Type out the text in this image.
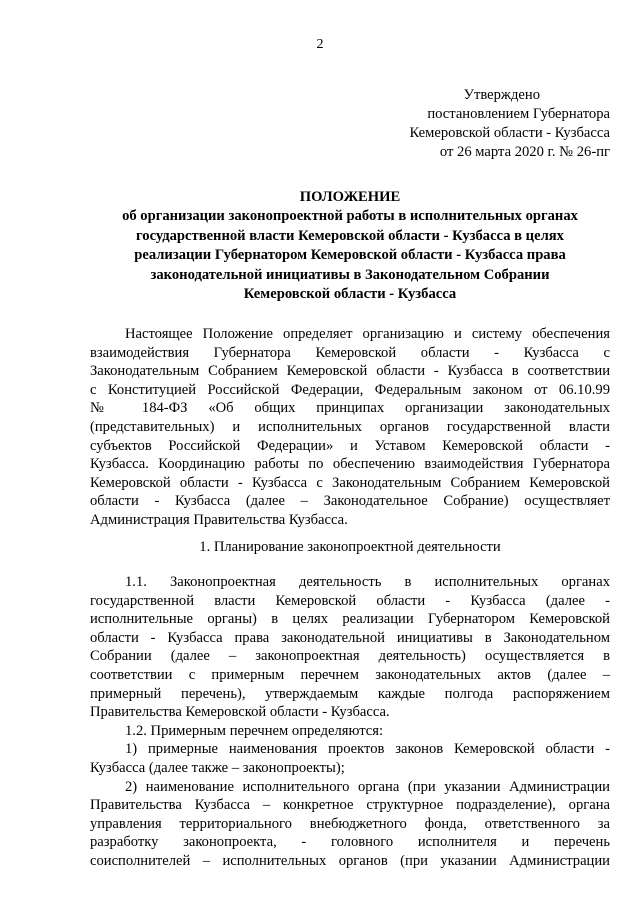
2
Утверждено
постановлением Губернатора
Кемеровской области - Кузбасса
от 26 марта 2020 г. № 26-пг
ПОЛОЖЕНИЕ
об организации законопроектной работы в исполнительных органах
государственной власти Кемеровской области - Кузбасса в целях
реализации Губернатором Кемеровской области - Кузбасса права
законодательной инициативы в Законодательном Собрании
Кемеровской области - Кузбасса
Настоящее Положение определяет организацию и систему обеспечения
взаимодействия Губернатора Кемеровской области - Кузбасса с
Законодательным Собранием Кемеровской области - Кузбасса в соответствии
с Конституцией Российской Федерации, Федеральным законом от 06.10.99
№ 184-ФЗ «Об общих принципах организации законодательных
(представительных) и исполнительных органов государственной власти
субъектов Российской Федерации» и Уставом Кемеровской области -
Кузбасса. Координацию работы по обеспечению взаимодействия Губернатора
Кемеровской области - Кузбасса с Законодательным Собранием Кемеровской
области - Кузбасса (далее – Законодательное Собрание) осуществляет
Администрация Правительства Кузбасса.
1. Планирование законопроектной деятельности
1.1. Законопроектная деятельность в исполнительных органах
государственной власти Кемеровской области - Кузбасса (далее -
исполнительные органы) в целях реализации Губернатором Кемеровской
области - Кузбасса права законодательной инициативы в Законодательном
Собрании (далее – законопроектная деятельность) осуществляется в
соответствии с примерным перечнем законодательных актов (далее –
примерный перечень), утверждаемым каждые полгода распоряжением
Правительства Кемеровской области - Кузбасса.
1.2. Примерным перечнем определяются:
1) примерные наименования проектов законов Кемеровской области -
Кузбасса (далее также – законопроекты);
2) наименование исполнительного органа (при указании Администрации
Правительства Кузбасса – конкретное структурное подразделение), органа
управления территориального внебюджетного фонда, ответственного за
разработку законопроекта, - головного исполнителя и перечень
соисполнителей – исполнительных органов (при указании Администрации
